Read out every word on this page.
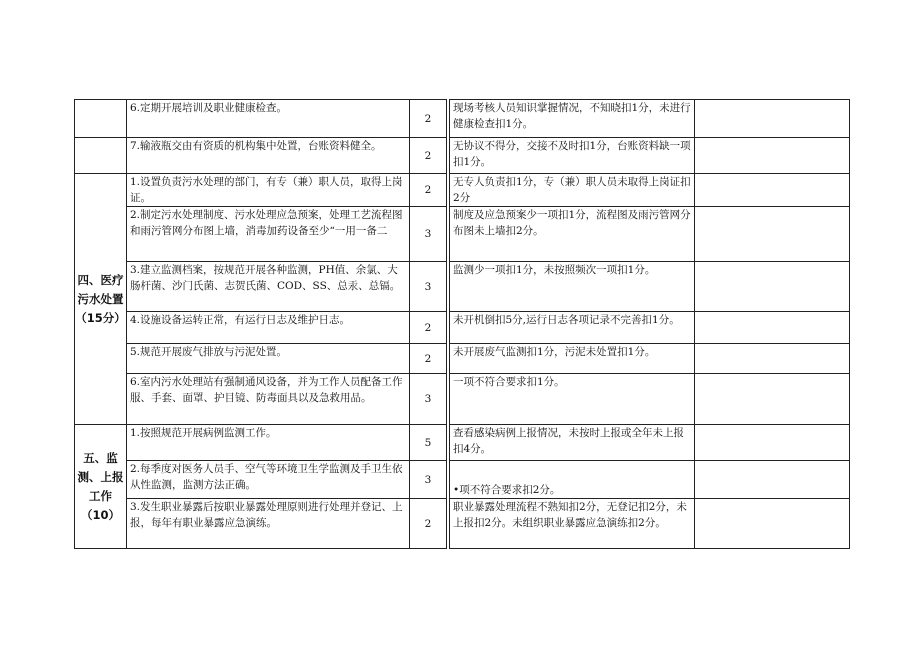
	6.定期开展培训及职业健康检查。	2		现场考核人员知识掌握情况，不知晓扣1分，未进行健康检查扣1分。	
	7.输液瓶交由有资质的机构集中处置，台账资料健全。	2		无协议不得分，交接不及时扣1分，台账资料缺一项扣1分。	
四、医疗污水处置（15分）	1.设置负责污水处理的部门，有专（兼）职人员，取得上岗证。	2		无专人负责扣1分，专（兼）职人员未取得上岗证扣2分	
	2.制定污水处理制度、污水处理应急预案，处理工艺流程图和雨污管网分布图上墙，消毒加药设备至少“一用一备二	3		制度及应急预案少一项扣1分，流程图及雨污管网分布图未上墙扣2分。	
	3.建立监测档案，按规范开展各种监测，PH值、余氯、大肠杆菌、沙门氏菌、志贺氏菌、COD、SS、总汞、总镉。	3		监测少一项扣1分，未按照频次一项扣1分。	
	4.设施设备运转正常，有运行日志及维护日志。	2		未开机倒扣5分,运行日志各项记录不完善扣1分。	
	5.规范开展废气排放与污泥处置。	2		未开展废气监测扣1分，污泥未处置扣1分。	
	6.室内污水处理站有强制通风设备，并为工作人员配备工作服、手套、面罩、护目镜、防毒面具以及急救用品。	3		一项不符合要求扣1分。	
五、监测、上报工作（10）	1.按照规范开展病例监测工作。	5		查看感染病例上报情况，未按时上报或全年未上报扣4分。	
	2.每季度对医务人员手、空气等环境卫生学监测及手卫生依从性监测，监测方法正确。	3		•项不符合要求扣2分。	
	3.发生职业暴露后按职业暴露处理原则进行处理并登记、上报，每年有职业暴露应急演练。	2		职业暴露处理流程不熟知扣2分，无登记扣2分，未上报扣2分。未组织职业暴露应急演练扣2分。	
